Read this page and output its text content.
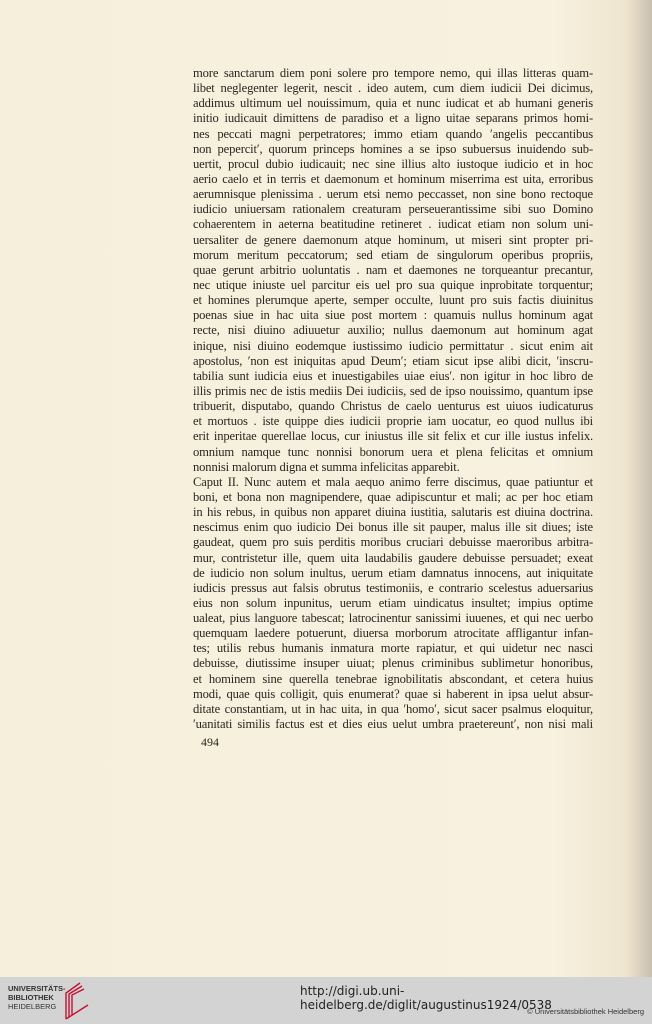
more sanctarum diem poni solere pro tempore nemo, qui illas litteras quam-
libet neglegenter legerit, nescit . ideo autem, cum diem iudicii Dei dicimus,
addimus ultimum uel nouissimum, quia et nunc iudicat et ab humani generis
initio iudicauit dimittens de paradiso et a ligno uitae separans primos homi-
nes peccati magni perpetratores; immo etiam quando ʹangelis peccantibus
non pepercitʹ, quorum princeps homines a se ipso subuersus inuidendo sub-
uertit, procul dubio iudicauit; nec sine illius alto iustoque iudicio et in hoc
aerio caelo et in terris et daemonum et hominum miserrima est uita, erroribus
aerumnisque plenissima . uerum etsi nemo peccasset, non sine bono rectoque
iudicio uniuersam rationalem creaturam perseuerantissime sibi suo Domino
cohaerentem in aeterna beatitudine retineret . iudicat etiam non solum uni-
uersaliter de genere daemonum atque hominum, ut miseri sint propter pri-
morum meritum peccatorum; sed etiam de singulorum operibus propriis,
quae gerunt arbitrio uoluntatis . nam et daemones ne torqueantur precantur,
nec utique iniuste uel parcitur eis uel pro sua quique inprobitate torquentur;
et homines plerumque aperte, semper occulte, luunt pro suis factis diuinitus
poenas siue in hac uita siue post mortem : quamuis nullus hominum agat
recte, nisi diuino adiuuetur auxilio; nullus daemonum aut hominum agat
inique, nisi diuino eodemque iustissimo iudicio permittatur . sicut enim ait
apostolus, ʹnon est iniquitas apud Deumʹ; etiam sicut ipse alibi dicit, ʹinscru-
tabilia sunt iudicia eius et inuestigabiles uiae eiusʹ. non igitur in hoc libro de
illis primis nec de istis mediis Dei iudiciis, sed de ipso nouissimo, quantum ipse
tribuerit, disputabo, quando Christus de caelo uenturus est uiuos iudicaturus
et mortuos . iste quippe dies iudicii proprie iam uocatur, eo quod nullus ibi
erit inperitae querellae locus, cur iniustus ille sit felix et cur ille iustus infelix.
omnium namque tunc nonnisi bonorum uera et plena felicitas et omnium
nonnisi malorum digna et summa infelicitas apparebit.
Caput II. Nunc autem et mala aequo animo ferre discimus, quae patiuntur et
boni, et bona non magnipendere, quae adipiscuntur et mali; ac per hoc etiam
in his rebus, in quibus non apparet diuina iustitia, salutaris est diuina doctrina.
nescimus enim quo iudicio Dei bonus ille sit pauper, malus ille sit diues; iste
gaudeat, quem pro suis perditis moribus cruciari debuisse maeroribus arbitra-
mur, contristetur ille, quem uita laudabilis gaudere debuisse persuadet; exeat
de iudicio non solum inultus, uerum etiam damnatus innocens, aut iniquitate
iudicis pressus aut falsis obrutus testimoniis, e contrario scelestus aduersarius
eius non solum inpunitus, uerum etiam uindicatus insultet; impius optime
ualeat, pius languore tabescat; latrocinentur sanissimi iuuenes, et qui nec uerbo
quemquam laedere potuerunt, diuersa morborum atrocitate affligantur infan-
tes; utilis rebus humanis inmatura morte rapiatur, et qui uidetur nec nasci
debuisse, diutissime insuper uiuat; plenus criminibus sublimetur honoribus,
et hominem sine querella tenebrae ignobilitatis abscondant, et cetera huius
modi, quae quis colligit, quis enumerat? quae si haberent in ipsa uelut absur-
ditate constantiam, ut in hac uita, in qua ʹhomoʹ, sicut sacer psalmus eloquitur,
ʹuanitati similis factus est et dies eius uelut umbra praetereuntʹ, non nisi mali
494
UNIVERSITÄTS-
BIBLIOTHEK
HEIDELBERG
http://digi.ub.uni-heidelberg.de/diglit/augustinus1924/0538
© Universitätsbibliothek Heidelberg
